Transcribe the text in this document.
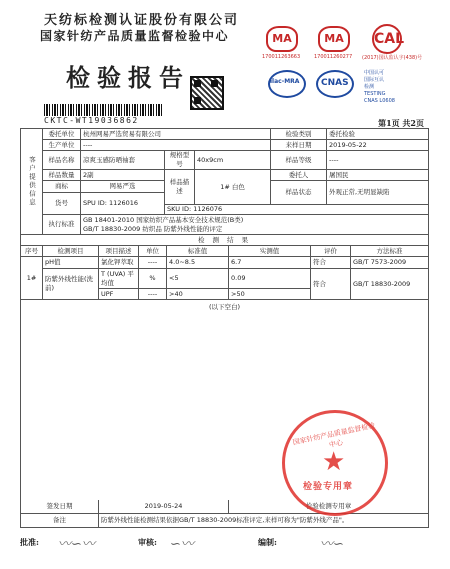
天纺标检测认证股份有限公司
国家针纺产品质量监督检验中心
检验报告
CKTC-WT19036862
MA
170011263663
MA
170011260277
CAL
(2017)国认监认字(438)号
ilac-MRA CNAS
中国认可
国际互认
检测
TESTING
CNAS L0608
第1页 共2页
客户提供信息	委托单位	杭州网易严选贸易有限公司			检验类别	委托检验
	生产单位	----			来样日期	2019-05-22
	样品名称	凉爽玉感防晒袖套	规格型号	40x9cm	样品等级	----
	样品数量	2副	样品描述	1# 白色	委托人	屠国民
	商标	网易严选			样品状态	外观正常,无明显缺陷
	货号	SPU ID: 1126016				
			SKU ID: 1126076			
	执行标准	GB 18401-2010 国家纺织产品基本安全技术规范(B类)
GB/T 18830-2009 纺织品 防紫外线性能的评定				
检 测 结 果							
序号	检测项目	项目描述	单位	标准值	实测值	评价	方法标准
1#	pH值	氯化钾萃取	----	4.0~8.5	6.7	符合	GB/T 7573-2009
	防紫外线性能(洗前)	T (UVA) 平均值	%	<5	0.09	符合	GB/T 18830-2009
		UPF	----	>40	>50		
(以下空白)							
签发日期		2019-05-24			检验检测专用章		
备注		防紫外线性能检测结果依据GB/T 18830-2009标准评定,来样可称为"防紫外线产品"。					
国家针纺产品质量监督检验中心
★
检验专用章
批准: 〰∽〰	审核: ∽〰	编制:	〰∽
